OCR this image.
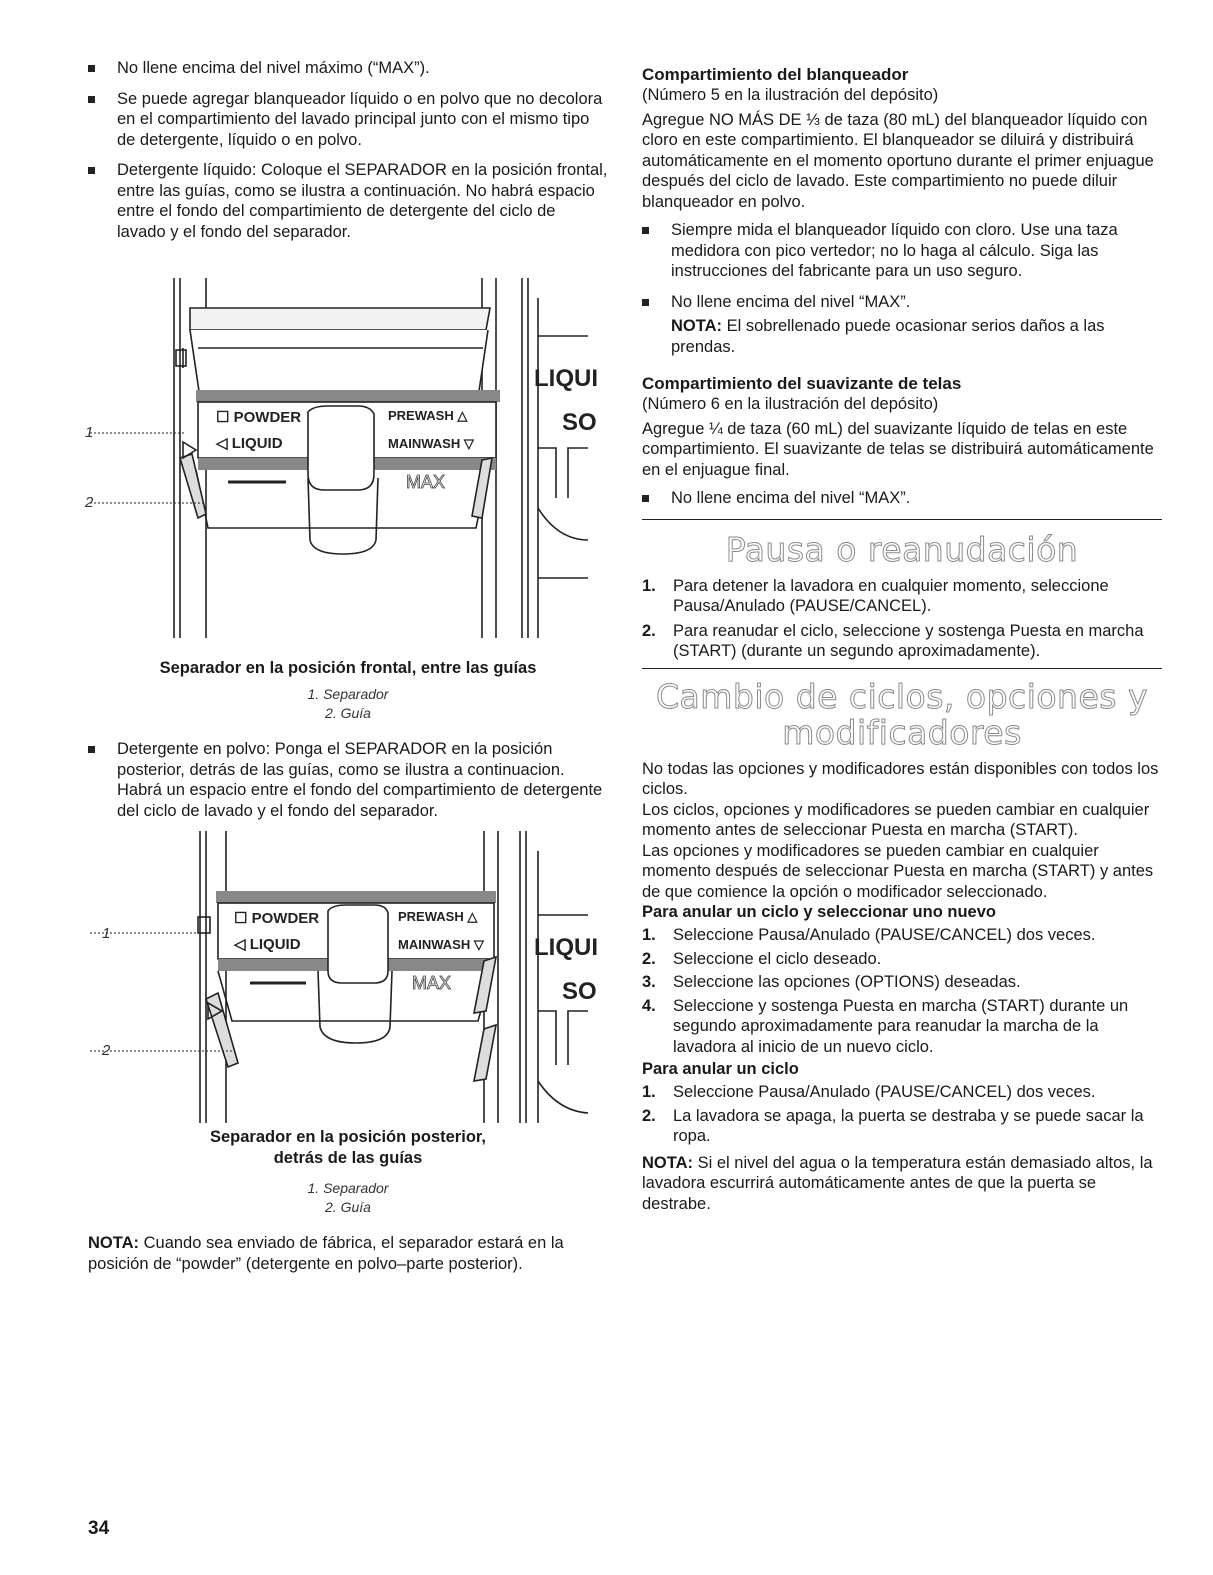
No llene encima del nivel máximo (“MAX”).
Se puede agregar blanqueador líquido o en polvo que no decolora en el compartimiento del lavado principal junto con el mismo tipo de detergente, líquido o en polvo.
Detergente líquido: Coloque el SEPARADOR en la posición frontal, entre las guías, como se ilustra a continuación. No habrá espacio entre el fondo del compartimiento de detergente del ciclo de lavado y el fondo del separador.
☐ POWDER
◁ LIQUID
PREWASH △
MAINWASH ▽
MAX
LIQUI
SO
1
2
Separador en la posición frontal, entre las guías
1. Separador
2. Guía
Detergente en polvo: Ponga el SEPARADOR en la posición posterior, detrás de las guías, como se ilustra a continuacion. Habrá un espacio entre el fondo del compartimiento de detergente del ciclo de lavado y el fondo del separador.
☐ POWDER
◁ LIQUID
PREWASH △
MAINWASH ▽
MAX
LIQUI
SO
1
2
Separador en la posición posterior,
detrás de las guías
1. Separador
2. Guía

NOTA: Cuando sea enviado de fábrica, el separador estará en la posición de “powder” (detergente en polvo–parte posterior).

Compartimiento del blanqueador

(Número 5 en la ilustración del depósito)

Agregue NO MÁS DE ⅓ de taza (80 mL) del blanqueador líquido con cloro en este compartimiento. El blanqueador se diluirá y distribuirá automáticamente en el momento oportuno durante el primer enjuague después del ciclo de lavado. Este compartimiento no puede diluir blanqueador en polvo.

Siempre mida el blanqueador líquido con cloro. Use una taza medidora con pico vertedor; no lo haga al cálculo. Siga las instrucciones del fabricante para un uso seguro.
No llene encima del nivel “MAX”.

NOTA: El sobrellenado puede ocasionar serios daños a las prendas.

Compartimiento del suavizante de telas

(Número 6 en la ilustración del depósito)

Agregue ¼ de taza (60 mL) del suavizante líquido de telas en este compartimiento. El suavizante de telas se distribuirá automáticamente en el enjuague final.

No llene encima del nivel “MAX”.
Pausa o reanudación
1. Para detener la lavadora en cualquier momento, seleccione Pausa/Anulado (PAUSE/CANCEL).
2. Para reanudar el ciclo, seleccione y sostenga Puesta en marcha (START) (durante un segundo aproximadamente).
Cambio de ciclos, opciones y
modificadores

No todas las opciones y modificadores están disponibles con todos los ciclos.

Los ciclos, opciones y modificadores se pueden cambiar en cualquier momento antes de seleccionar Puesta en marcha (START).

Las opciones y modificadores se pueden cambiar en cualquier momento después de seleccionar Puesta en marcha (START) y antes de que comience la opción o modificador seleccionado.

Para anular un ciclo y seleccionar uno nuevo
1. Seleccione Pausa/Anulado (PAUSE/CANCEL) dos veces.
2. Seleccione el ciclo deseado.
3. Seleccione las opciones (OPTIONS) deseadas.
4. Seleccione y sostenga Puesta en marcha (START) durante un segundo aproximadamente para reanudar la marcha de la lavadora al inicio de un nuevo ciclo.
Para anular un ciclo
1. Seleccione Pausa/Anulado (PAUSE/CANCEL) dos veces.
2. La lavadora se apaga, la puerta se destraba y se puede sacar la ropa.

NOTA: Si el nivel del agua o la temperatura están demasiado altos, la lavadora escurrirá automáticamente antes de que la puerta se destrabe.

34
